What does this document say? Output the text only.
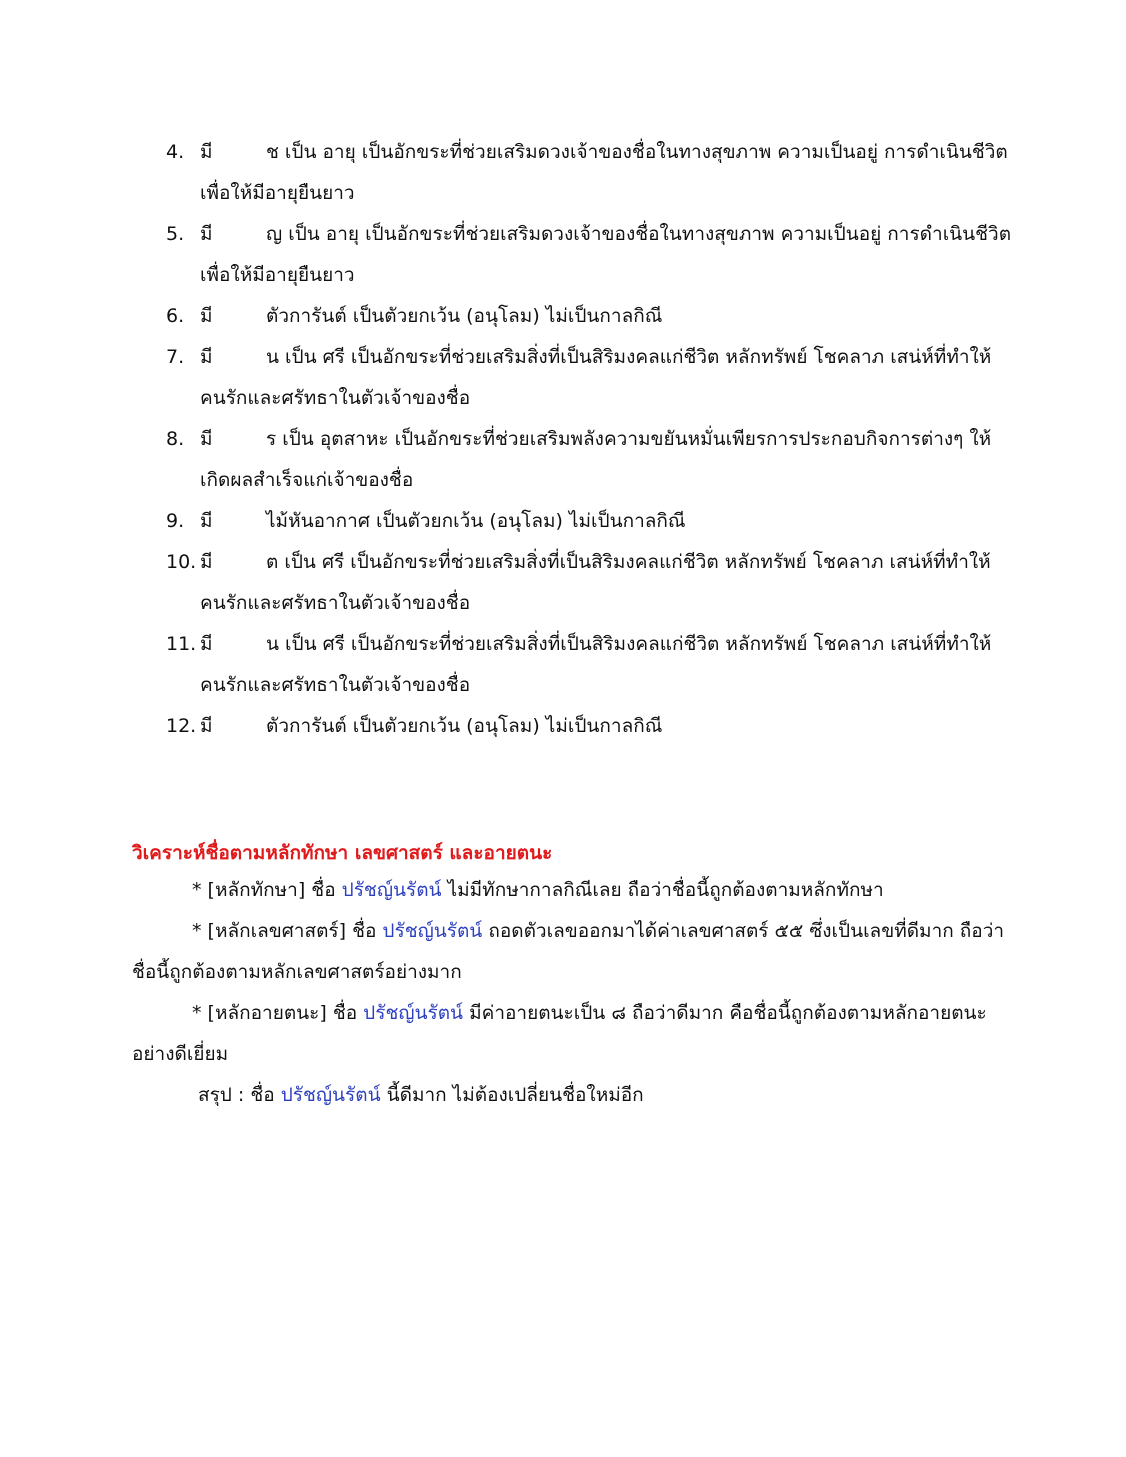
4. มี	ช เป็น อายุ เป็นอักขระที่ช่วยเสริมดวงเจ้าของชื่อในทางสุขภาพ ความเป็นอยู่ การดำเนินชีวิต
เพื่อให้มีอายุยืนยาว
5. มี	ญ เป็น อายุ เป็นอักขระที่ช่วยเสริมดวงเจ้าของชื่อในทางสุขภาพ ความเป็นอยู่ การดำเนินชีวิต
เพื่อให้มีอายุยืนยาว
6. มี	ตัวการันต์ เป็นตัวยกเว้น (อนุโลม) ไม่เป็นกาลกิณี
7. มี	น เป็น ศรี เป็นอักขระที่ช่วยเสริมสิ่งที่เป็นสิริมงคลแก่ชีวิต หลักทรัพย์ โชคลาภ เสน่ห์ที่ทำให้
คนรักและศรัทธาในตัวเจ้าของชื่อ
8. มี	ร เป็น อุตสาหะ เป็นอักขระที่ช่วยเสริมพลังความขยันหมั่นเพียรการประกอบกิจการต่างๆ ให้
เกิดผลสำเร็จแก่เจ้าของชื่อ
9. มี	ไม้หันอากาศ เป็นตัวยกเว้น (อนุโลม) ไม่เป็นกาลกิณี
10. มี	ต เป็น ศรี เป็นอักขระที่ช่วยเสริมสิ่งที่เป็นสิริมงคลแก่ชีวิต หลักทรัพย์ โชคลาภ เสน่ห์ที่ทำให้
คนรักและศรัทธาในตัวเจ้าของชื่อ
11. มี	น เป็น ศรี เป็นอักขระที่ช่วยเสริมสิ่งที่เป็นสิริมงคลแก่ชีวิต หลักทรัพย์ โชคลาภ เสน่ห์ที่ทำให้
คนรักและศรัทธาในตัวเจ้าของชื่อ
12. มี	ตัวการันต์ เป็นตัวยกเว้น (อนุโลม) ไม่เป็นกาลกิณี
วิเคราะห์ชื่อตามหลักทักษา เลขศาสตร์ และอายตนะ
* [หลักทักษา] ชื่อ ปรัชญ์นรัตน์ ไม่มีทักษากาลกิณีเลย ถือว่าชื่อนี้ถูกต้องตามหลักทักษา
* [หลักเลขศาสตร์] ชื่อ ปรัชญ์นรัตน์ ถอดตัวเลขออกมาได้ค่าเลขศาสตร์ ๕๕ ซึ่งเป็นเลขที่ดีมาก ถือว่า
ชื่อนี้ถูกต้องตามหลักเลขศาสตร์อย่างมาก
* [หลักอายตนะ] ชื่อ ปรัชญ์นรัตน์ มีค่าอายตนะเป็น ๘ ถือว่าดีมาก คือชื่อนี้ถูกต้องตามหลักอายตนะ
อย่างดีเยี่ยม
สรุป : ชื่อ ปรัชญ์นรัตน์ นี้ดีมาก ไม่ต้องเปลี่ยนชื่อใหม่อีก
